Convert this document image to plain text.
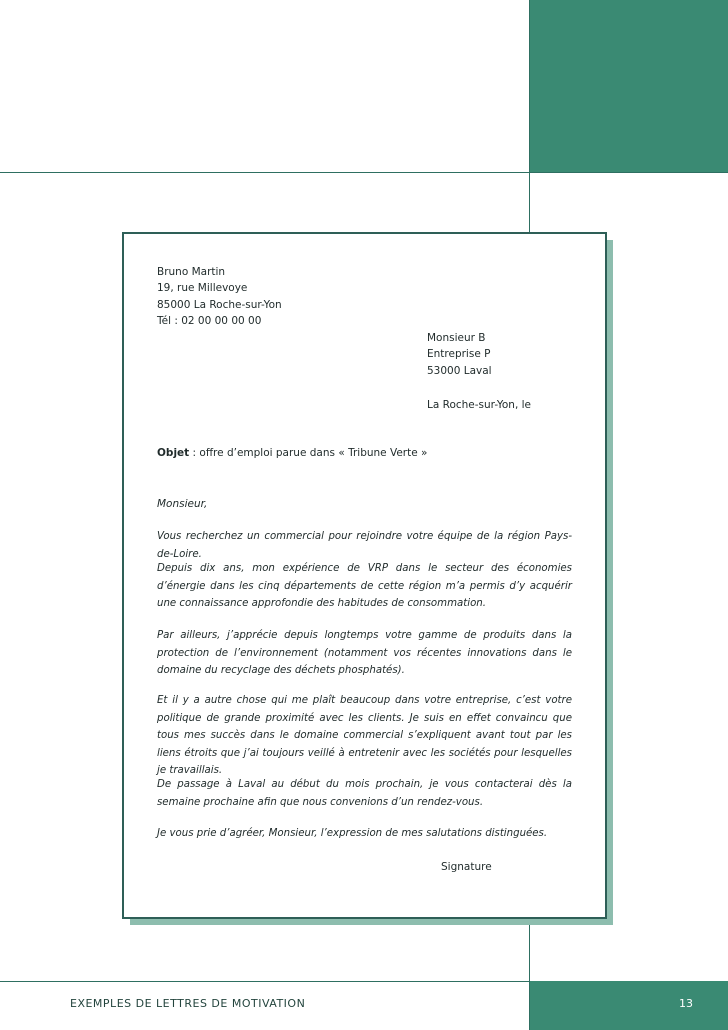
Bruno Martin
19, rue Millevoye
85000 La Roche-sur-Yon
Tél : 02 00 00 00 00
Monsieur B
Entreprise P
53000 Laval
La Roche-sur-Yon, le
Objet : offre d’emploi parue dans « Tribune Verte »
Monsieur,
Vous recherchez un commercial pour rejoindre votre équipe de la région Pays-de-Loire.
Depuis dix ans, mon expérience de VRP dans le secteur des économies d’énergie dans les cinq départements de cette région m’a permis d’y acquérir une connaissance approfondie des habitudes de consommation.
Par ailleurs, j’apprécie depuis longtemps votre gamme de produits dans la protection de l’environnement (notamment vos récentes innovations dans le domaine du recyclage des déchets phosphatés).
Et il y a autre chose qui me plaît beaucoup dans votre entreprise, c’est votre politique de grande proximité avec les clients. Je suis en effet convaincu que tous mes succès dans le domaine commercial s’expliquent avant tout par les liens étroits que j’ai toujours veillé à entretenir avec les sociétés pour lesquelles je travaillais.
De passage à Laval au début du mois prochain, je vous contacterai dès la semaine prochaine afin que nous convenions d’un rendez-vous.
Je vous prie d’agréer, Monsieur, l’expression de mes salutations distinguées.
Signature
EXEMPLES DE LETTRES DE MOTIVATION	13
